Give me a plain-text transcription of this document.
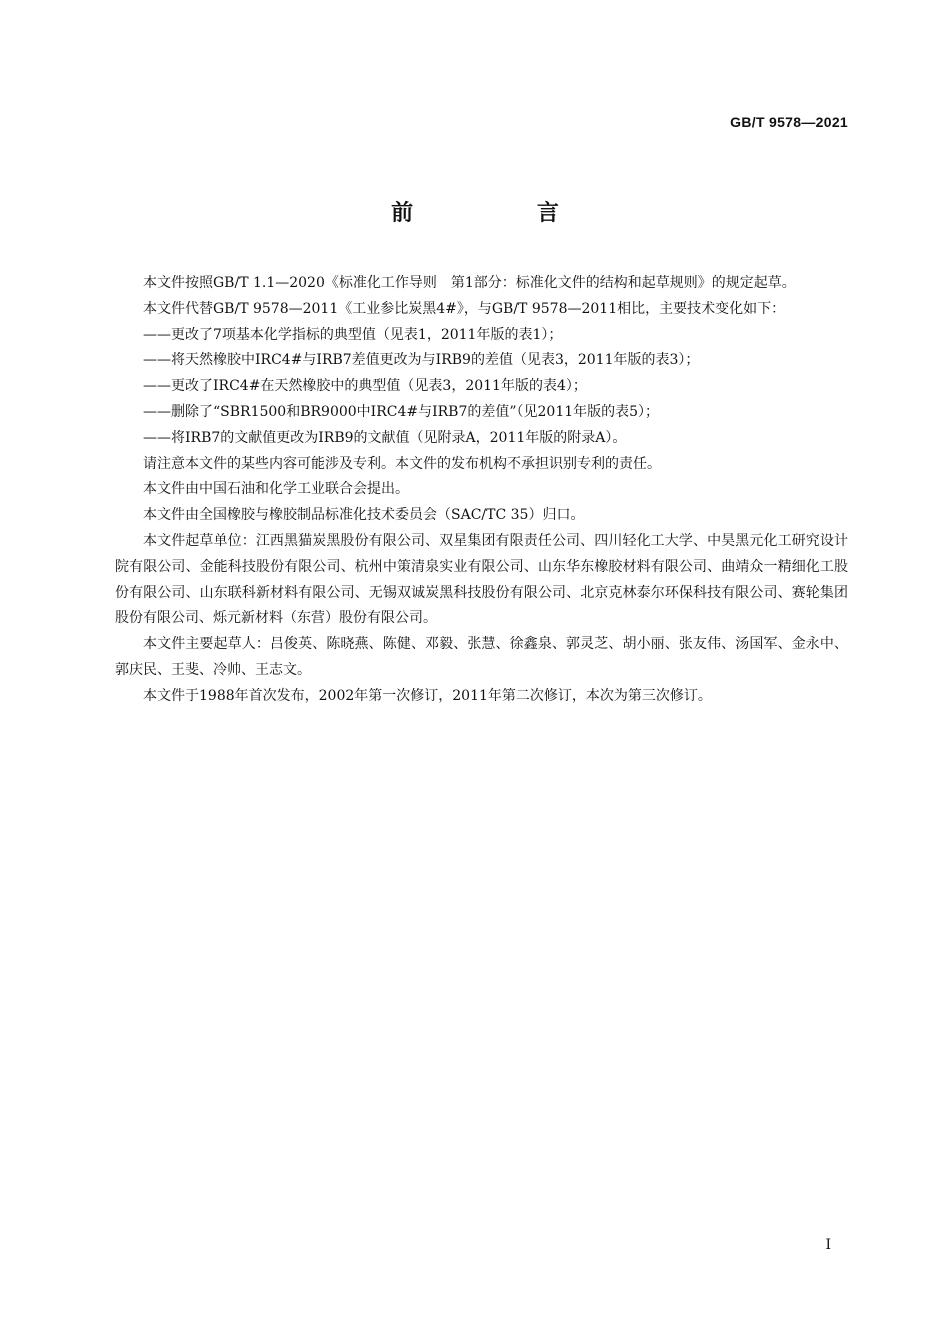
GB/T 9578—2021
前 言

本文件按照GB/T 1.1—2020《标准化工作导则　第1部分：标准化文件的结构和起草规则》的规定起草。

本文件代替GB/T 9578—2011《工业参比炭黑4#》，与GB/T 9578—2011相比，主要技术变化如下：

——更改了7项基本化学指标的典型值（见表1，2011年版的表1）；

——将天然橡胶中IRC4#与IRB7差值更改为与IRB9的差值（见表3，2011年版的表3）；

——更改了IRC4#在天然橡胶中的典型值（见表3，2011年版的表4）；

——删除了“SBR1500和BR9000中IRC4#与IRB7的差值”（见2011年版的表5）；

——将IRB7的文献值更改为IRB9的文献值（见附录A，2011年版的附录A）。

请注意本文件的某些内容可能涉及专利。本文件的发布机构不承担识别专利的责任。

本文件由中国石油和化学工业联合会提出。

本文件由全国橡胶与橡胶制品标准化技术委员会（SAC/TC 35）归口。

本文件起草单位：江西黑猫炭黑股份有限公司、双星集团有限责任公司、四川轻化工大学、中昊黑元化工研究设计院有限公司、金能科技股份有限公司、杭州中策清泉实业有限公司、山东华东橡胶材料有限公司、曲靖众一精细化工股份有限公司、山东联科新材料有限公司、无锡双诚炭黑科技股份有限公司、北京克林泰尔环保科技有限公司、赛轮集团股份有限公司、烁元新材料（东营）股份有限公司。

本文件主要起草人：吕俊英、陈晓燕、陈健、邓毅、张慧、徐鑫泉、郭灵芝、胡小丽、张友伟、汤国军、金永中、郭庆民、王斐、冷帅、王志文。

本文件于1988年首次发布，2002年第一次修订，2011年第二次修订，本次为第三次修订。

I
